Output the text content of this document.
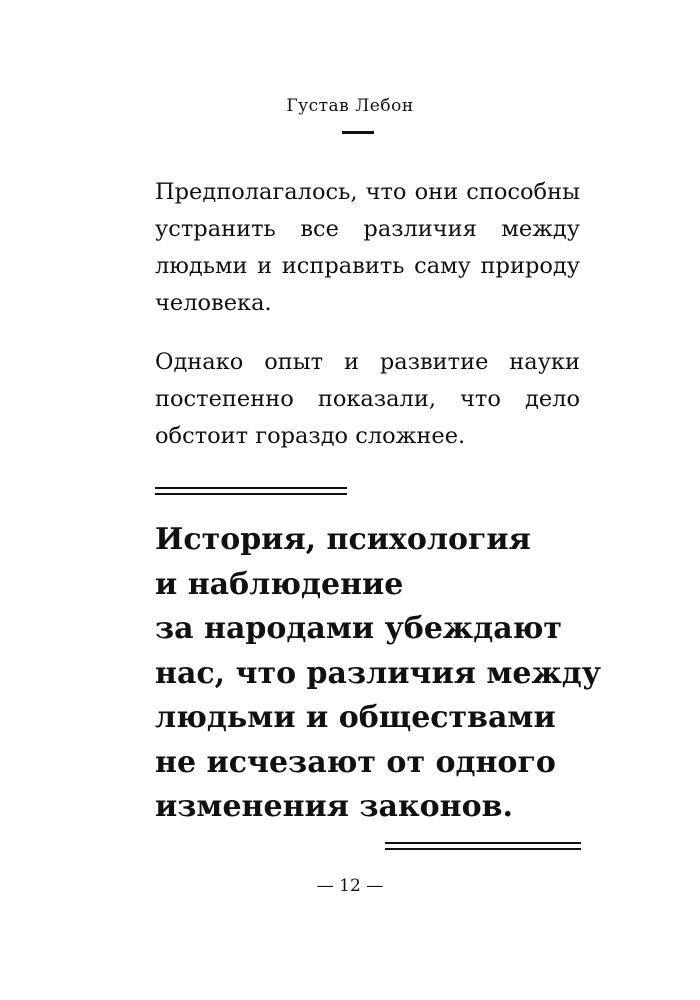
Густав Лебон

Предполагалось, что они способны устранить все различия между людьми и исправить саму природу человека.

Однако опыт и развитие науки постепенно показали, что дело обстоит гораздо сложнее.

История, психология
и наблюдение
за народами убеждают
нас, что различия между
людьми и обществами
не исчезают от одного
изменения законов.
— 12 —
